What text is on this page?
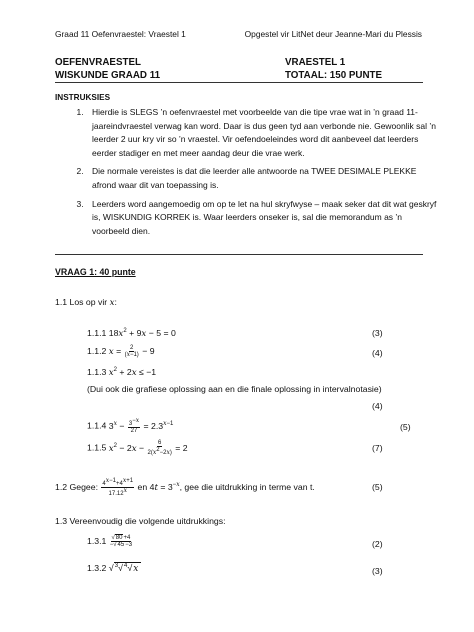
Graad 11 Oefenvraestel: Vraestel 1	Opgestel vir LitNet deur Jeanne-Mari du Plessis
OEFENVRAESTEL	VRAESTEL 1
WISKUNDE GRAAD 11	TOTAAL: 150 PUNTE
INSTRUKSIES
1. Hierdie is SLEGS ’n oefenvraestel met voorbeelde van die tipe vrae wat in ’n graad 11-jaareindvraestel verwag kan word. Daar is dus geen tyd aan verbonde nie. Gewoonlik sal ’n leerder 2 uur kry vir so ’n vraestel. Vir oefendoeleindes word dit aanbeveel dat leerders eerder stadiger en met meer aandag deur die vrae werk.
2. Die normale vereistes is dat die leerder alle antwoorde na TWEE DESIMALE PLEKKE afrond waar dit van toepassing is.
3. Leerders word aangemoedig om op te let na hul skryfwyse – maak seker dat dit wat geskryf is, WISKUNDIG KORREK is. Waar leerders onseker is, sal die memorandum as ’n voorbeeld dien.
VRAAG 1: 40 punte
1.1 Los op vir x:
1.1.1 $18x^2 + 9x - 5 = 0$	(3)
1.1.2 $x = \frac{2}{(x-1)} - 9$	(4)
1.1.3 $x^2 + 2x \le -1$
(Dui ook die grafiese oplossing aan en die finale oplossing in intervalnotasie)
(4)
1.1.4 $3^x - \frac{3^{-x}}{27} = 2.3^{x-1}$	(5)
1.1.5 $x^2 - 2x - \frac{6}{2(x^2-2x)} = 2$	(7)
1.2 Gegee: $\frac{4^{x-1}+4^{x+1}}{17.12^x}$ en $4t = 3^{-x}$, gee die uitdrukking in terme van t.	(5)
1.3 Vereenvoudig die volgende uitdrukkings:
$1.3.1 \frac{√80+4}{-√45-3}$	(2)
1.3.2 √$^3$√$^4$√x	(3)
